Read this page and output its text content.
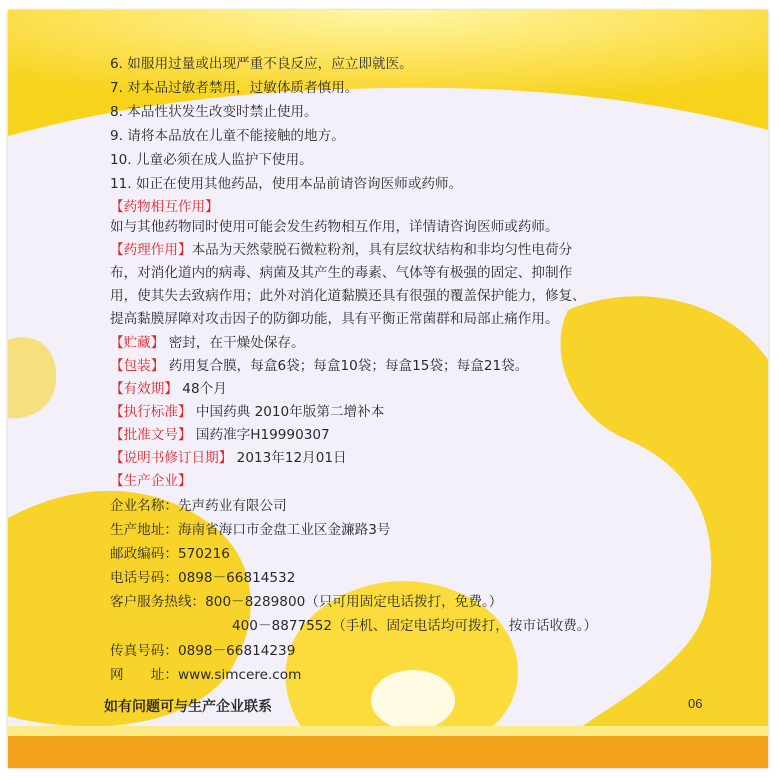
6. 如服用过量或出现严重不良反应，应立即就医。
7. 对本品过敏者禁用，过敏体质者慎用。
8. 本品性状发生改变时禁止使用。
9. 请将本品放在儿童不能接触的地方。
10. 儿童必须在成人监护下使用。
11. 如正在使用其他药品，使用本品前请咨询医师或药师。
【药物相互作用】
如与其他药物同时使用可能会发生药物相互作用，详情请咨询医师或药师。
【药理作用】本品为天然蒙脱石微粒粉剂，具有层纹状结构和非均匀性电荷分
布，对消化道内的病毒、病菌及其产生的毒素、气体等有极强的固定、抑制作
用，使其失去致病作用；此外对消化道黏膜还具有很强的覆盖保护能力，修复、
提高黏膜屏障对攻击因子的防御功能，具有平衡正常菌群和局部止痛作用。
【贮藏】 密封，在干燥处保存。
【包装】 药用复合膜，每盒6袋；每盒10袋；每盒15袋；每盒21袋。
【有效期】 48个月
【执行标准】 中国药典 2010年版第二增补本
【批准文号】 国药准字H19990307
【说明书修订日期】 2013年12月01日
【生产企业】
企业名称：先声药业有限公司
生产地址：海南省海口市金盘工业区金濂路3号
邮政编码：570216
电话号码：0898－66814532
客户服务热线：800－8289800（只可用固定电话拨打，免费。）
400－8877552（手机、固定电话均可拨打，按市话收费。）
传真号码：0898－66814239
网　　址：www.simcere.com
如有问题可与生产企业联系	06
